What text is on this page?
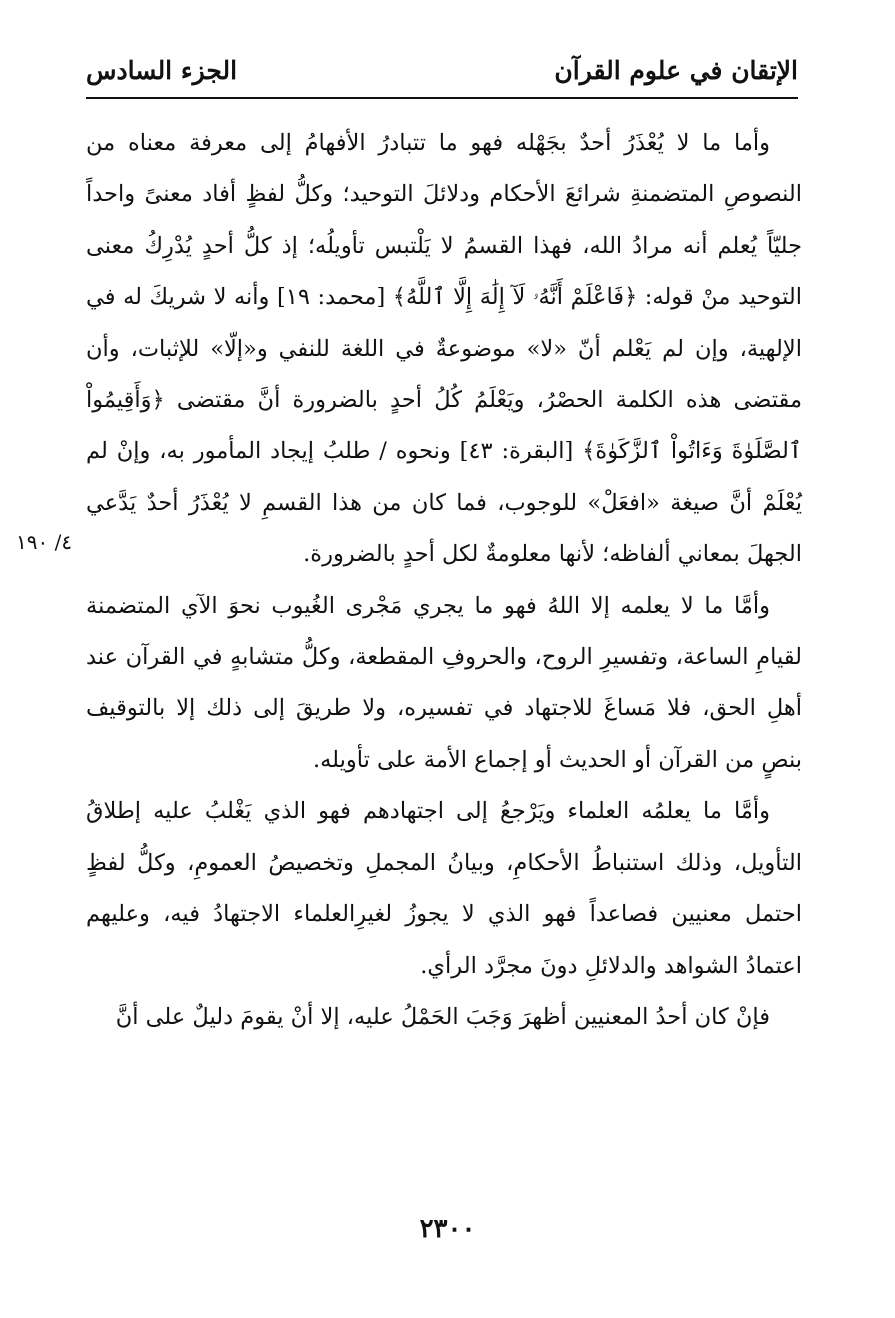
الإتقان في علوم القرآن
الجزء السادس
٤/ ١٩٠

وأما ما لا يُعْذَرُ أحدٌ بجَهْله فهو ما تتبادرُ الأفهامُ إلى معرفة معناه من النصوصِ المتضمنةِ شرائعَ الأحكام ودلائلَ التوحيد؛ وكلُّ لفظٍ أفاد معنىً واحداً جليّاً يُعلم أنه مرادُ الله، فهذا القسمُ لا يَلْتبس تأويلُه؛ إذ كلُّ أحدٍ يُدْرِكُ معنى التوحيد منْ قوله: ﴿فَاعْلَمْ أَنَّهُۥ لَآ إِلَٰهَ إِلَّا ٱللَّهُ﴾ [محمد: ١٩] وأنه لا شريكَ له في الإلهية، وإن لم يَعْلم أنّ «لا» موضوعةٌ في اللغة للنفي و«إلّا» للإثبات، وأن مقتضى هذه الكلمة الحصْرُ، ويَعْلَمُ كُلُ أحدٍ بالضرورة أنَّ مقتضى ﴿وَأَقِيمُواْ ٱلصَّلَوٰةَ وَءَاتُواْ ٱلزَّكَوٰةَ﴾ [البقرة: ٤٣] ونحوه / طلبُ إيجاد المأمور به، وإنْ لم يُعْلَمْ أنَّ صيغة «افعَلْ» للوجوب، فما كان من هذا القسمِ لا يُعْذَرُ أحدٌ يَدَّعي الجهلَ بمعاني ألفاظه؛ لأنها معلومةٌ لكل أحدٍ بالضرورة.

وأمَّا ما لا يعلمه إلا اللهُ فهو ما يجري مَجْرى الغُيوب نحوَ الآي المتضمنة لقيامِ الساعة، وتفسيرِ الروح، والحروفِ المقطعة، وكلُّ متشابهٍ في القرآن عند أهلِ الحق، فلا مَساغَ للاجتهاد في تفسيره، ولا طريقَ إلى ذلك إلا بالتوقيف بنصٍ من القرآن أو الحديث أو إجماع الأمة على تأويله.

وأمَّا ما يعلمُه العلماء ويَرْجعُ إلى اجتهادهم فهو الذي يَغْلبُ عليه إطلاقُ التأويل، وذلك استنباطُ الأحكامِ، وبيانُ المجملِ وتخصيصُ العمومِ، وكلُّ لفظٍ احتمل معنيين فصاعداً فهو الذي لا يجوزُ لغيرِالعلماء الاجتهادُ فيه، وعليهم اعتمادُ الشواهد والدلائلِ دونَ مجرَّد الرأي.

فإنْ كان أحدُ المعنيين أظهرَ وَجَبَ الحَمْلُ عليه، إلا أنْ يقومَ دليلٌ على أنَّ

٢٣٠٠
